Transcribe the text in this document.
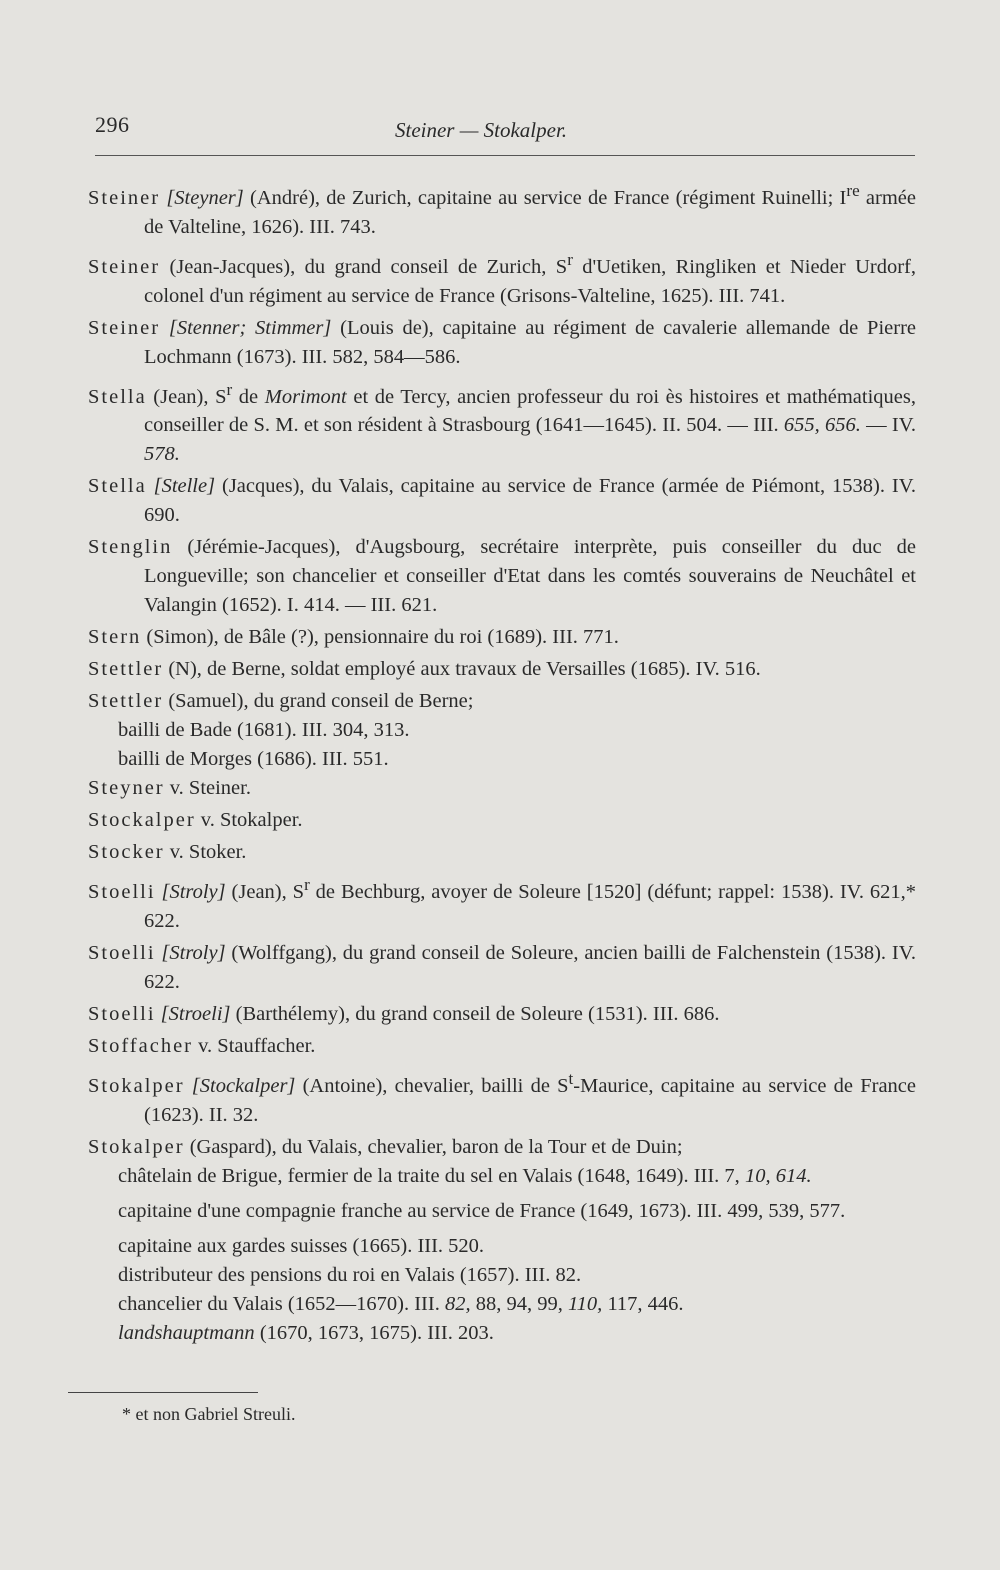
296	Steiner — Stokalper.

Steiner [Steyner] (André), de Zurich, capitaine au service de France (régiment Ruinelli; Ire armée de Valteline, 1626). III. 743.

Steiner (Jean-Jacques), du grand conseil de Zurich, $S^r$ d'Uetiken, Ringliken et Nieder Urdorf, colonel d'un régiment au service de France (Grisons-Valteline, 1625). III. 741.

Steiner [Stenner; Stimmer] (Louis de), capitaine au régiment de cavalerie allemande de Pierre Lochmann (1673). III. 582, 584—586.

Stella (Jean), $S^r$ de Morimont et de Tercy, ancien professeur du roi ès histoires et mathématiques, conseiller de S. M. et son résident à Strasbourg (1641—1645). II. 504. — III. 655, 656. — IV. 578.

Stella [Stelle] (Jacques), du Valais, capitaine au service de France (armée de Piémont, 1538). IV. 690.

Stenglin (Jérémie-Jacques), d'Augsbourg, secrétaire interprète, puis conseiller du duc de Longueville; son chancelier et conseiller d'Etat dans les comtés souverains de Neuchâtel et Valangin (1652). I. 414. — III. 621.

Stern (Simon), de Bâle (?), pensionnaire du roi (1689). III. 771.

Stettler (N), de Berne, soldat employé aux travaux de Versailles (1685). IV. 516.

Stettler (Samuel), du grand conseil de Berne;

bailli de Bade (1681). III. 304, 313.

bailli de Morges (1686). III. 551.

Steyner v. Steiner.

Stockalper v. Stokalper.

Stocker v. Stoker.

Stoelli [Stroly] (Jean), $S^r$ de Bechburg, avoyer de Soleure [1520] (défunt; rappel: 1538). IV. 621,* 622.

Stoelli [Stroly] (Wolffgang), du grand conseil de Soleure, ancien bailli de Falchenstein (1538). IV. 622.

Stoelli [Stroeli] (Barthélemy), du grand conseil de Soleure (1531). III. 686.

Stoffacher v. Stauffacher.

Stokalper [Stockalper] (Antoine), chevalier, bailli de $S^t$-Maurice, capitaine au service de France (1623). II. 32.

Stokalper (Gaspard), du Valais, chevalier, baron de la Tour et de Duin;

châtelain de Brigue, fermier de la traite du sel en Valais (1648, 1649). III. 7, 10, 614.

capitaine d'une compagnie franche au service de France (1649, 1673). III. 499, 539, 577.

capitaine aux gardes suisses (1665). III. 520.

distributeur des pensions du roi en Valais (1657). III. 82.

chancelier du Valais (1652—1670). III. 82, 88, 94, 99, 110, 117, 446.

landshauptmann (1670, 1673, 1675). III. 203.

* et non Gabriel Streuli.
